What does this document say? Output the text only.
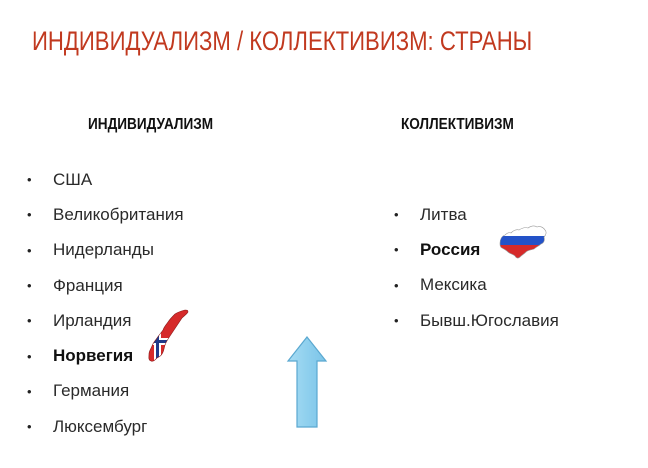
ИНДИВИДУАЛИЗМ / КОЛЛЕКТИВИЗМ: СТРАНЫ
ИНДИВИДУАЛИЗМ	КОЛЛЕКТИВИЗМ
•	США
•	Великобритания
•	Нидерланды
•	Франция
•	Ирландия
•	Норвегия
•	Германия
•	Люксембург
•	Литва
•	Россия
•	Мексика
•	Бывш.Югославия
